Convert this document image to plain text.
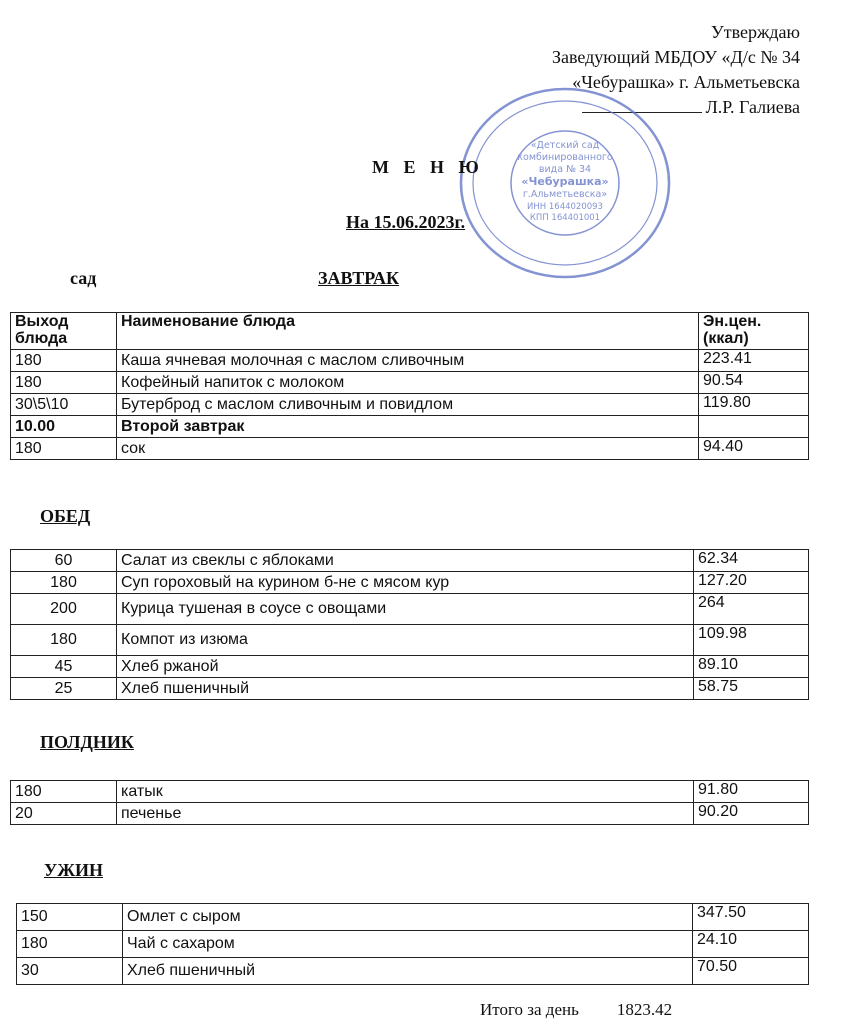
Утверждаю
Заведующий МБДОУ «Д/с № 34
«Чебурашка» г. Альметьевска
Л.Р. Галиева
«Детский сад
комбинированного
вида № 34
«Чебурашка»
г.Альметьевска»
ИНН 1644020093
КПП 164401001
М Е Н Ю
На 15.06.2023г.
сад	ЗАВТРАК
Выход блюда	Наименование блюда	Эн.цен. (ккал)
180	Каша ячневая молочная с маслом сливочным	223.41
180	Кофейный напиток с молоком	90.54
30\5\10	Бутерброд с маслом сливочным и повидлом	119.80
10.00	Второй завтрак	
180	сок	94.40
ОБЕД
60	Салат из свеклы с яблоками	62.34
180	Суп гороховый на курином б-не с мясом кур	127.20
200	Курица тушеная в соусе с овощами	264
180	Компот из изюма	109.98
45	Хлеб ржаной	89.10
25	Хлеб пшеничный	58.75
ПОЛДНИК
180	катык	91.80
20	печенье	90.20
УЖИН
150	Омлет с сыром	347.50
180	Чай с сахаром	24.10
30	Хлеб пшеничный	70.50
Итого за день 1823.42
